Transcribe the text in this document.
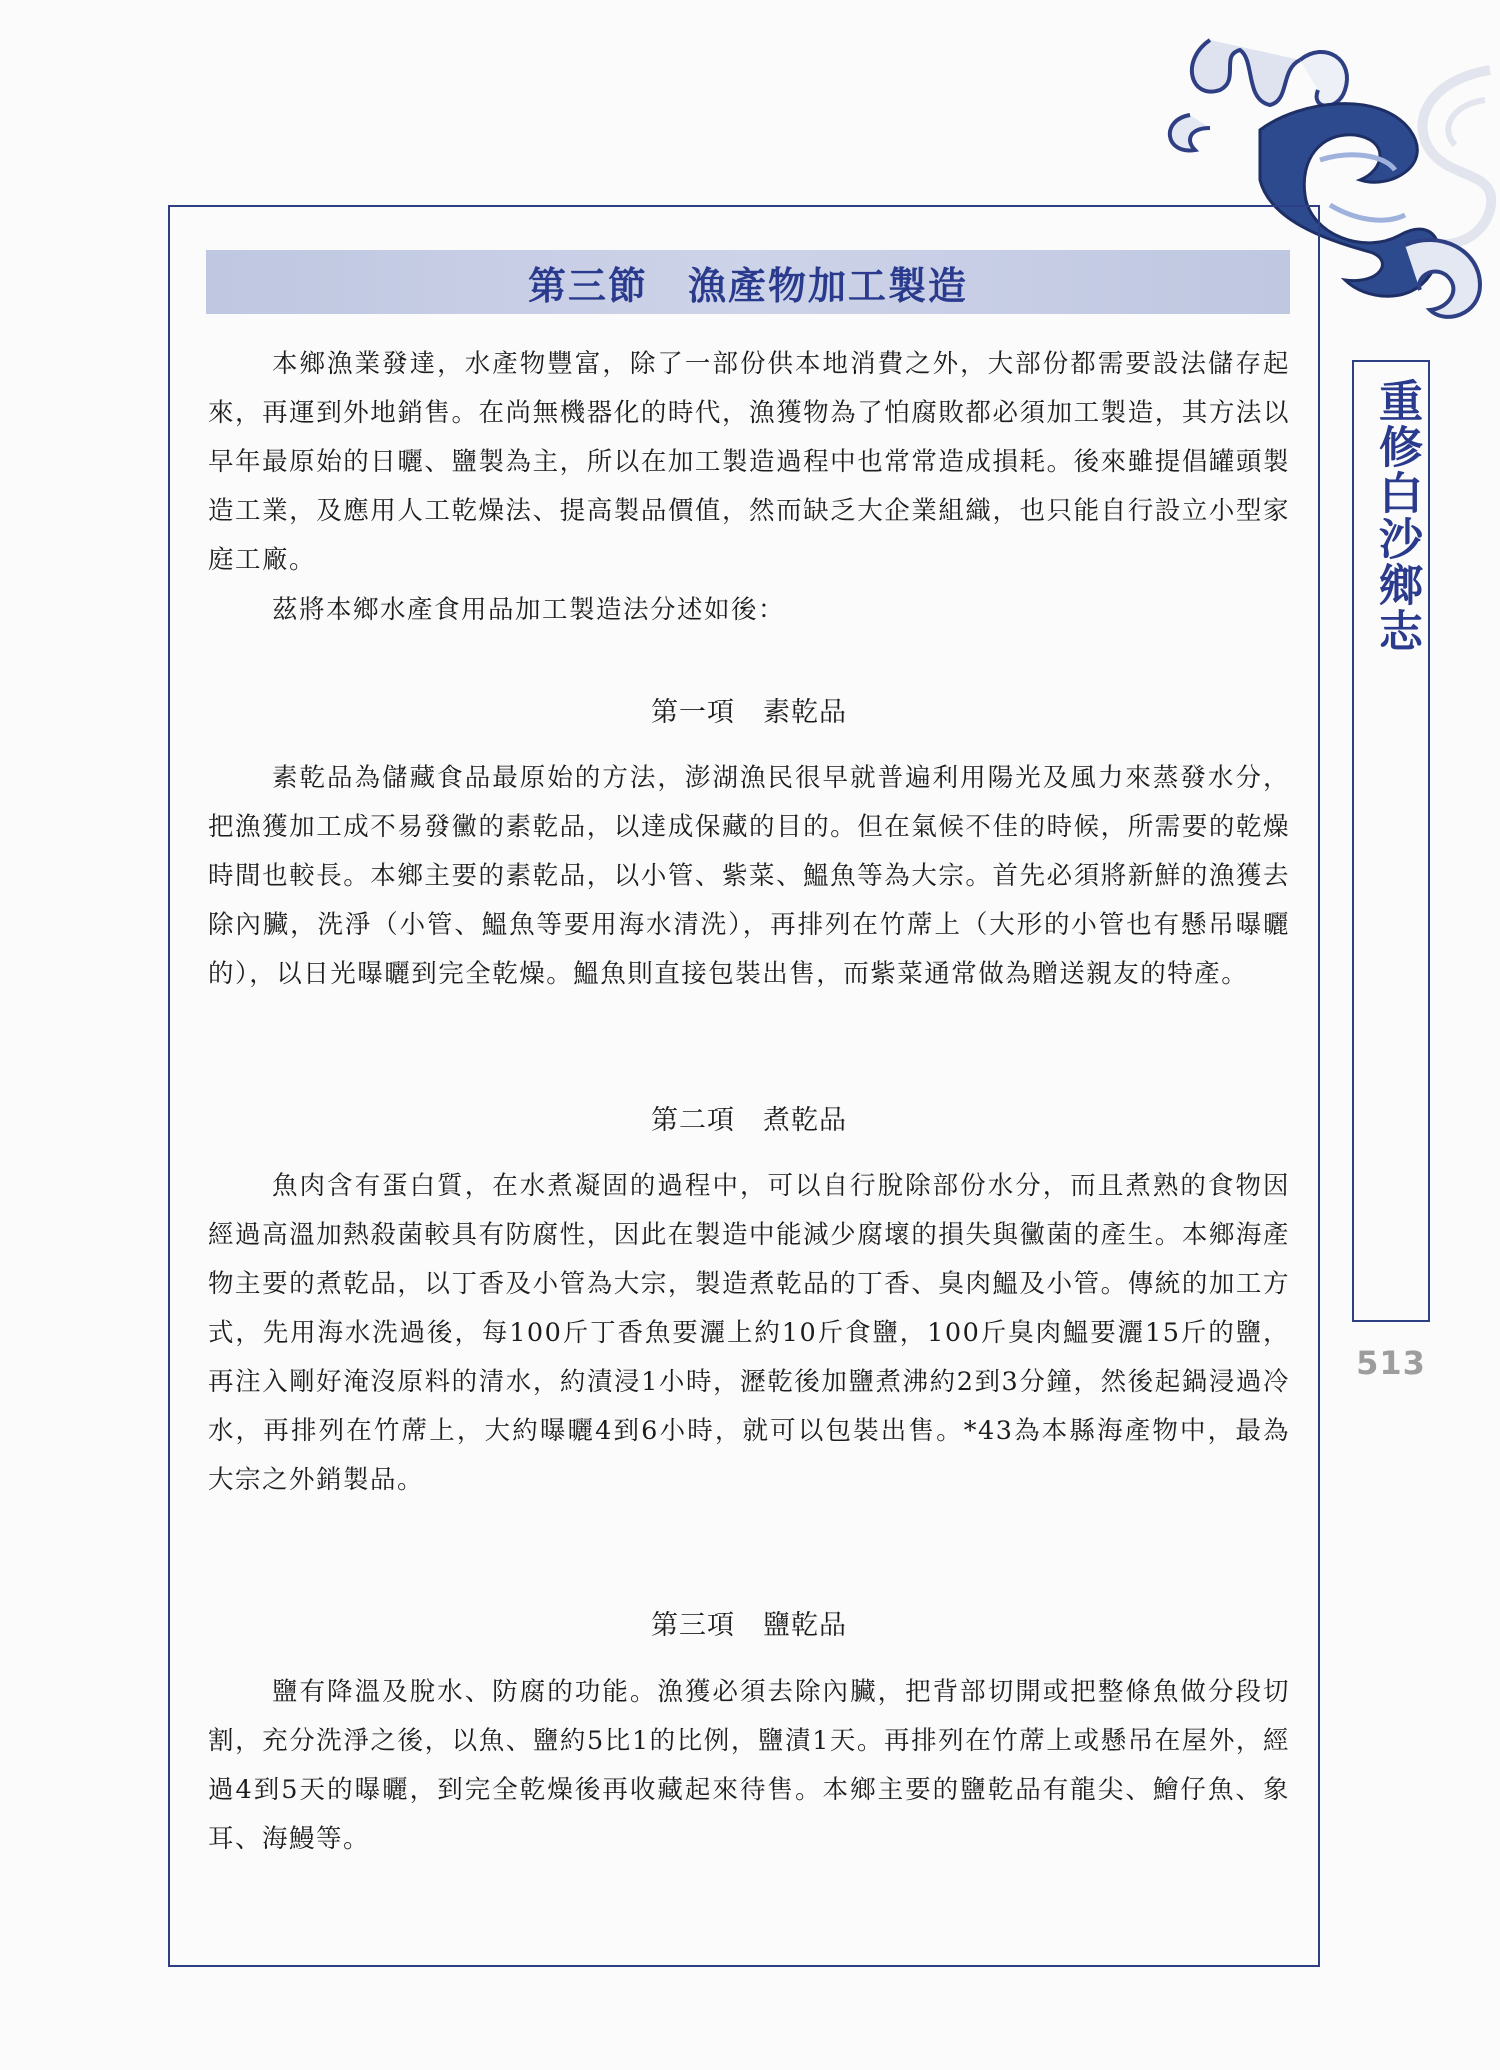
第三節　漁產物加工製造

本鄉漁業發達，水產物豐富，除了一部份供本地消費之外，大部份都需要設法儲存起來，再運到外地銷售。在尚無機器化的時代，漁獲物為了怕腐敗都必須加工製造，其方法以早年最原始的日曬、鹽製為主，所以在加工製造過程中也常常造成損耗。後來雖提倡罐頭製造工業，及應用人工乾燥法、提高製品價值，然而缺乏大企業組織，也只能自行設立小型家庭工廠。

茲將本鄉水產食用品加工製造法分述如後：

第一項　素乾品

素乾品為儲藏食品最原始的方法，澎湖漁民很早就普遍利用陽光及風力來蒸發水分，把漁獲加工成不易發黴的素乾品，以達成保藏的目的。但在氣候不佳的時候，所需要的乾燥時間也較長。本鄉主要的素乾品，以小管、紫菜、鰮魚等為大宗。首先必須將新鮮的漁獲去除內臟，洗淨（小管、鰮魚等要用海水清洗），再排列在竹蓆上（大形的小管也有懸吊曝曬的），以日光曝曬到完全乾燥。鰮魚則直接包裝出售，而紫菜通常做為贈送親友的特產。

第二項　煮乾品

魚肉含有蛋白質，在水煮凝固的過程中，可以自行脫除部份水分，而且煮熟的食物因經過高溫加熱殺菌較具有防腐性，因此在製造中能減少腐壞的損失與黴菌的產生。本鄉海產物主要的煮乾品，以丁香及小管為大宗，製造煮乾品的丁香、臭肉鰮及小管。傳統的加工方式，先用海水洗過後，每100斤丁香魚要灑上約10斤食鹽，100斤臭肉鰮要灑15斤的鹽，再注入剛好淹沒原料的清水，約漬浸1小時，瀝乾後加鹽煮沸約2到3分鐘，然後起鍋浸過冷水，再排列在竹蓆上，大約曝曬4到6小時，就可以包裝出售。*43為本縣海產物中，最為大宗之外銷製品。

第三項　鹽乾品

鹽有降溫及脫水、防腐的功能。漁獲必須去除內臟，把背部切開或把整條魚做分段切割，充分洗淨之後，以魚、鹽約5比1的比例，鹽漬1天。再排列在竹蓆上或懸吊在屋外，經過4到5天的曝曬，到完全乾燥後再收藏起來待售。本鄉主要的鹽乾品有龍尖、鱠仔魚、象耳、海鰻等。

重修白沙鄉志
513
